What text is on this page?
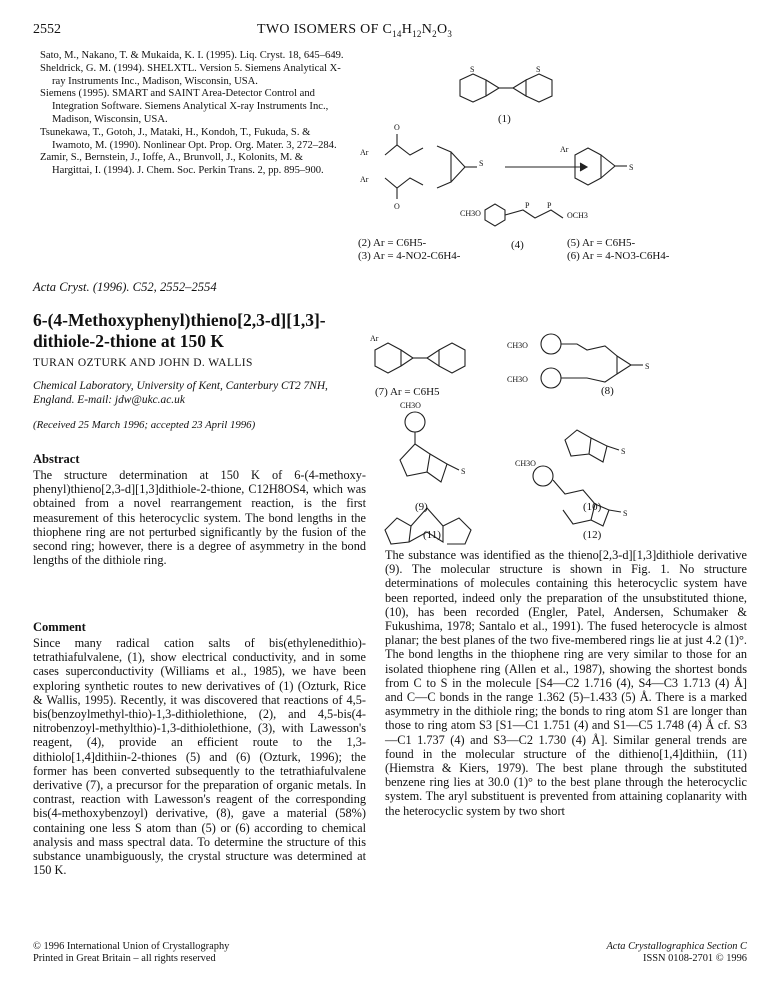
2552	TWO ISOMERS OF $C_{14}H_{12}N_2O_3$

Sato, M., Nakano, T. & Mukaida, K. I. (1995). Liq. Cryst. 18, 645–649.

Sheldrick, G. M. (1994). SHELXTL. Version 5. Siemens Analytical X-ray Instruments Inc., Madison, Wisconsin, USA.

Siemens (1995). SMART and SAINT Area-Detector Control and Integration Software. Siemens Analytical X-ray Instruments Inc., Madison, Wisconsin, USA.

Tsunekawa, T., Gotoh, J., Mataki, H., Kondoh, T., Fukuda, S. & Iwamoto, M. (1990). Nonlinear Opt. Prop. Org. Mater. 3, 272–284.

Zamir, S., Bernstein, J., Ioffe, A., Brunvoll, J., Kolonits, M. & Hargittai, I. (1994). J. Chem. Soc. Perkin Trans. 2, pp. 895–900.

Acta Cryst. (1996). C52, 2552–2554
6-(4-Methoxyphenyl)thieno[2,3-d][1,3]-dithiole-2-thione at 150 K
TURAN OZTURK AND JOHN D. WALLIS
Chemical Laboratory, University of Kent, Canterbury CT2 7NH, England. E-mail: jdw@ukc.ac.uk
(Received 25 March 1996; accepted 23 April 1996)
Abstract
The structure determination at 150 K of 6-(4-methoxy-phenyl)thieno[2,3-d][1,3]dithiole-2-thione, C12H8OS4, which was obtained from a novel rearrangement reaction, is the first measurement of this heterocyclic system. The bond lengths in the thiophene ring are not perturbed significantly by the fusion of the second ring; however, there is a degree of asymmetry in the bond lengths of the dithiole ring.
Comment
Since many radical cation salts of bis(ethylenedithio)-tetrathiafulvalene, (1), show electrical conductivity, and in some cases superconductivity (Williams et al., 1985), we have been exploring synthetic routes to new derivatives of (1) (Ozturk, Rice & Wallis, 1995). Recently, it was discovered that reactions of 4,5-bis(benzoylmethyl-thio)-1,3-dithiolethione, (2), and 4,5-bis(4-nitrobenzoyl-methylthio)-1,3-dithiolethione, (3), with Lawesson's reagent, (4), provide an efficient route to the 1,3-dithiolo[1,4]dithiin-2-thiones (5) and (6) (Ozturk, 1996); the former has been converted subsequently to the tetrathiafulvalene derivative (7), a precursor for the preparation of organic metals. In contrast, reaction with Lawesson's reagent of the corresponding bis(4-methoxybenzoyl) derivative, (8), gave a material (58%) containing one less S atom than (5) or (6) according to chemical analysis and mass spectral data. To determine the structure of this substance unambiguously, the crystal structure was determined at 150 K.
The substance was identified as the thieno[2,3-d][1,3]dithiole derivative (9). The molecular structure is shown in Fig. 1. No structure determinations of molecules containing this heterocyclic system have been reported, indeed only the preparation of the unsubstituted thione, (10), has been recorded (Engler, Patel, Andersen, Schumaker & Fukushima, 1978; Santalo et al., 1991). The fused heterocycle is almost planar; the best planes of the two five-membered rings lie at just 4.2 (1)°. The bond lengths in the thiophene ring are very similar to those for an isolated thiophene ring (Allen et al., 1987), showing the shortest bonds from C to S in the molecule [S4—C2 1.716 (4), S4—C3 1.713 (4) Å] and C—C bonds in the range 1.362 (5)–1.433 (5) Å. There is a marked asymmetry in the dithiole ring; the bonds to ring atom S1 are longer than those to ring atom S3 [S1—C1 1.751 (4) and S1—C5 1.748 (4) Å cf. S3—C1 1.737 (4) and S3—C2 1.730 (4) Å]. Similar general trends are found in the molecular structure of the dithieno[1,4]dithiin, (11) (Hiemstra & Kiers, 1979). The best plane through the substituted benzene ring lies at 30.0 (1)° to the best plane through the heterocyclic system. The aryl substituent is prevented from attaining coplanarity with the heterocyclic system by two short
(1)
(2) Ar = C6H5-
(3) Ar = 4-NO2-C6H4-
(4)	(5) Ar = C6H5-
(6) Ar = 4-NO3-C6H4-
(7) Ar = C6H5	(8)
(9)	(10)
(11)	(12)
S	S
S	S
S
S
S
S
O
O
Ar
Ar
Ar
Ar
OCH3
CH3O
CH3O
CH3O
CH3O
CH3O
P P
© 1996 International Union of Crystallography
Printed in Great Britain – all rights reserved
Acta Crystallographica Section C
ISSN 0108-2701 © 1996
